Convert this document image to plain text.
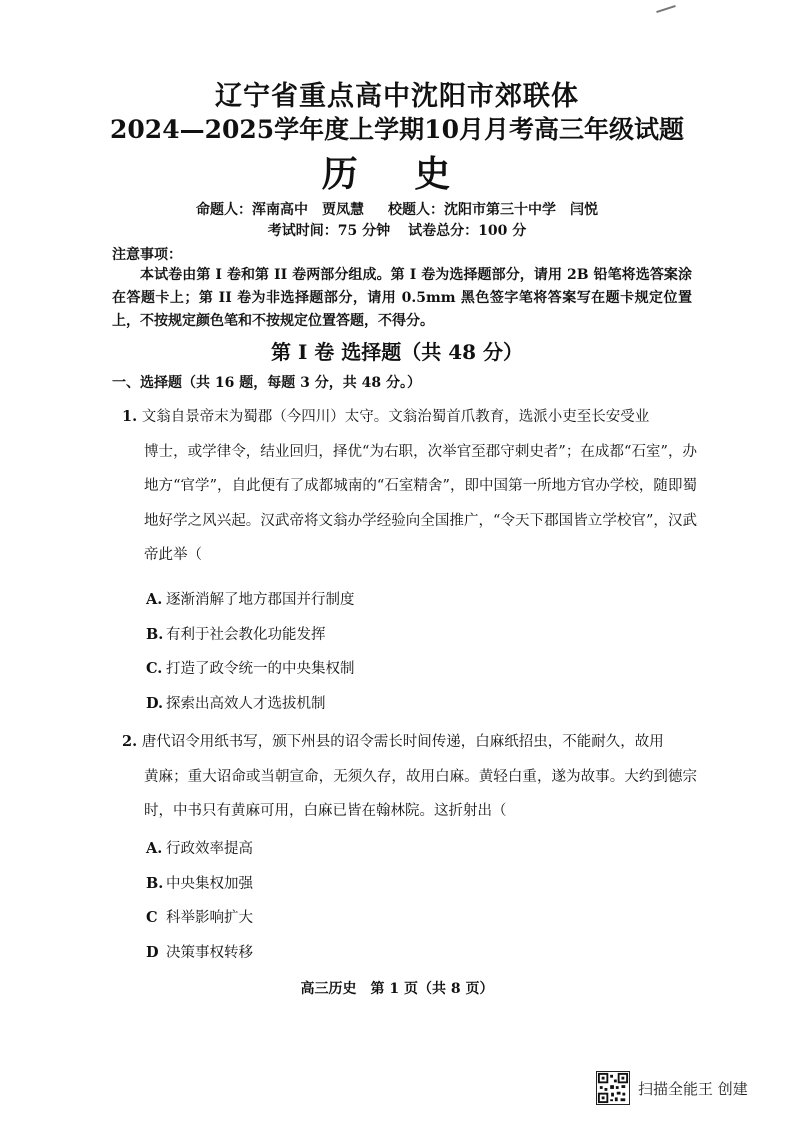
辽宁省重点高中沈阳市郊联体
2024—2025学年度上学期10月月考高三年级试题
历 史
命题人：浑南高中　贾凤慧 校题人：沈阳市第三十中学　闫悦
考试时间：75 分钟 试卷总分：100 分
注意事项：
本试卷由第 I 卷和第 II 卷两部分组成。第 I 卷为选择题部分，请用 2B 铅笔将选答案涂在答题卡上；第 II 卷为非选择题部分，请用 0.5mm 黑色签字笔将答案写在题卡规定位置上，不按规定颜色笔和不按规定位置答题，不得分。
第 I 卷 选择题（共 48 分）
一、选择题（共 16 题，每题 3 分，共 48 分。）
1. 文翁自景帝末为蜀郡（今四川）太守。文翁治蜀首爪教育，选派小吏至长安受业
博士，或学律令，结业回归，择优“为右职，次举官至郡守刺史者”；在成都“石室”，办地方“官学”，自此便有了成都城南的“石室精舍”，即中国第一所地方官办学校，随即蜀地好学之风兴起。汉武帝将文翁办学经验向全国推广，“令天下郡国皆立学校官”，汉武帝此举（
A. 逐渐消解了地方郡国并行制度
B. 有利于社会教化功能发挥
C. 打造了政令统一的中央集权制
D. 探索出高效人才选拔机制
2. 唐代诏令用纸书写，颁下州县的诏令需长时间传递，白麻纸招虫，不能耐久，故用
黄麻；重大诏命或当朝宣命，无须久存，故用白麻。黄轻白重，遂为故事。大约到德宗时，中书只有黄麻可用，白麻已皆在翰林院。这折射出（
A. 行政效率提高
B. 中央集权加强
C 科举影响扩大
D 决策事权转移
高三历史　第 1 页（共 8 页）
扫描全能王 创建
